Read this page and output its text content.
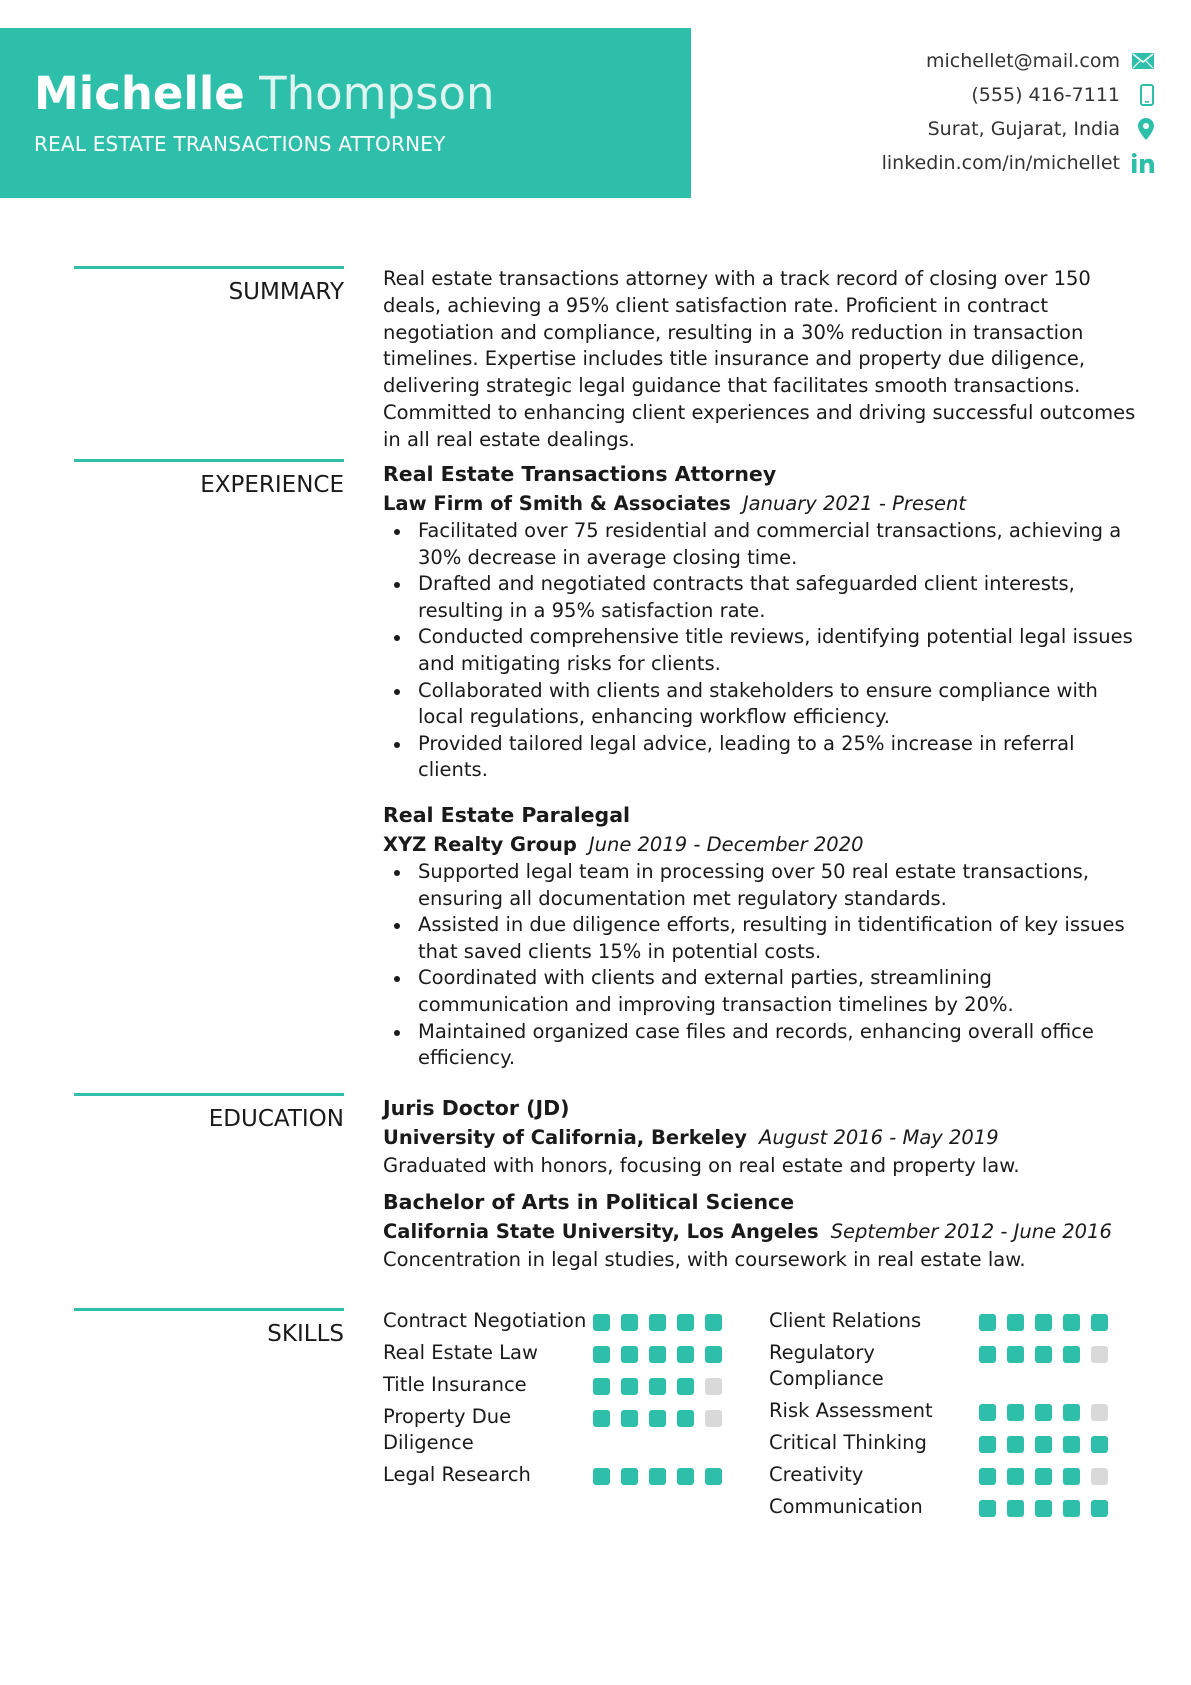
Michelle Thompson
REAL ESTATE TRANSACTIONS ATTORNEY
michellet@mail.com
(555) 416-7111
Surat, Gujarat, India
linkedin.com/in/michellet
SUMMARY

Real estate transactions attorney with a track record of closing over 150 deals, achieving a 95% client satisfaction rate. Proficient in contract negotiation and compliance, resulting in a 30% reduction in transaction timelines. Expertise includes title insurance and property due diligence, delivering strategic legal guidance that facilitates smooth transactions. Committed to enhancing client experiences and driving successful outcomes in all real estate dealings.

EXPERIENCE Real Estate Transactions Attorney
Law Firm of Smith & Associates January 2021 - Present
Facilitated over 75 residential and commercial transactions, achieving a 30% decrease in average closing time.
Drafted and negotiated contracts that safeguarded client interests, resulting in a 95% satisfaction rate.
Conducted comprehensive title reviews, identifying potential legal issues and mitigating risks for clients.
Collaborated with clients and stakeholders to ensure compliance with local regulations, enhancing workflow efficiency.
Provided tailored legal advice, leading to a 25% increase in referral clients.
Real Estate Paralegal
XYZ Realty Group June 2019 - December 2020
Supported legal team in processing over 50 real estate transactions, ensuring all documentation met regulatory standards.
Assisted in due diligence efforts, resulting in tidentification of key issues that saved clients 15% in potential costs.
Coordinated with clients and external parties, streamlining communication and improving transaction timelines by 20%.
Maintained organized case files and records, enhancing overall office efficiency.
EDUCATION Juris Doctor (JD)
University of California, Berkeley August 2016 - May 2019
Graduated with honors, focusing on real estate and property law.
Bachelor of Arts in Political Science
California State University, Los Angeles September 2012 - June 2016
Concentration in legal studies, with coursework in real estate law.
SKILLS
Contract Negotiation
Real Estate Law
Title Insurance
Property Due Diligence
Legal Research
Client Relations
Regulatory Compliance
Risk Assessment
Critical Thinking
Creativity
Communication
